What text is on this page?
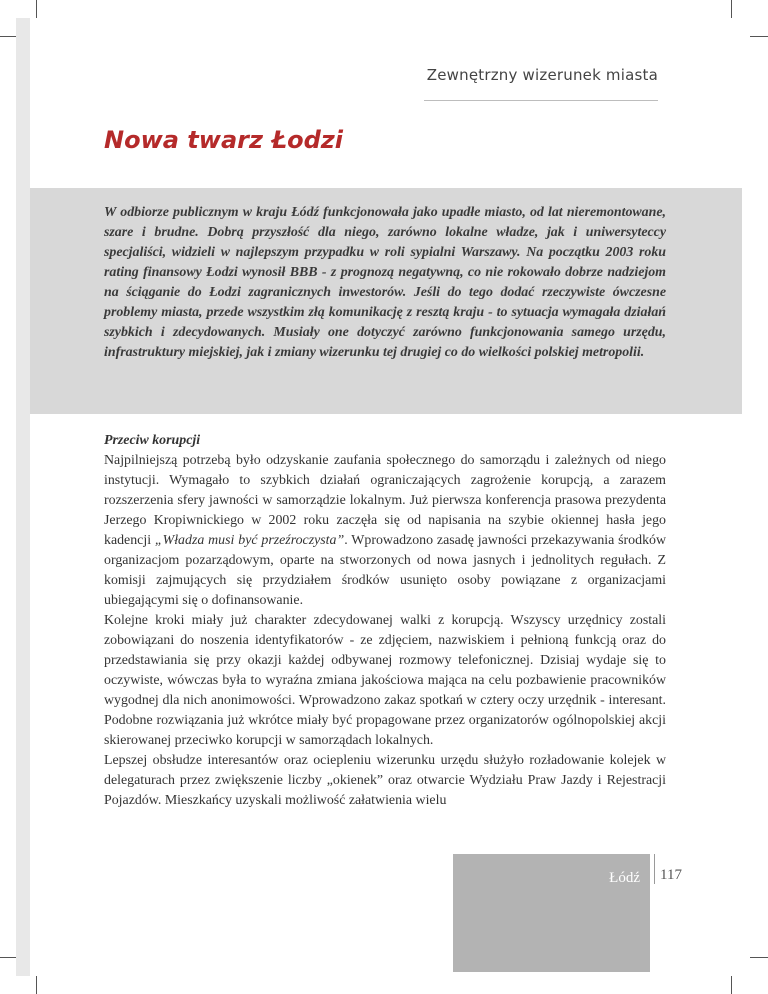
Zewnętrzny wizerunek miasta
Nowa twarz Łodzi

W odbiorze publicznym w kraju Łódź funkcjonowała jako upadłe miasto, od lat nieremontowane, szare i brudne. Dobrą przyszłość dla niego, zarówno lokalne władze, jak i uniwersyteccy specjaliści, widzieli w najlepszym przypadku w roli sypialni Warszawy. Na początku 2003 roku rating finansowy Łodzi wynosił BBB - z prognozą negatywną, co nie rokowało dobrze nadziejom na ściąganie do Łodzi zagranicznych inwestorów. Jeśli do tego dodać rzeczywiste ówczesne problemy miasta, przede wszystkim złą komunikację z resztą kraju - to sytuacja wymagała działań szybkich i zdecydowanych. Musiały one dotyczyć zarówno funkcjonowania samego urzędu, infrastruktury miejskiej, jak i zmiany wizerunku tej drugiej co do wielkości polskiej metropolii.

Przeciw korupcji

Najpilniejszą potrzebą było odzyskanie zaufania społecznego do samorządu i zależnych od niego instytucji. Wymagało to szybkich działań ograniczających zagrożenie korupcją, a zarazem rozszerzenia sfery jawności w samorządzie lokalnym. Już pierwsza konferencja prasowa prezydenta Jerzego Kropiwnickiego w 2002 roku zaczęła się od napisania na szybie okiennej hasła jego kadencji „Władza musi być przeźroczysta”. Wprowadzono zasadę jawności przekazywania środków organizacjom pozarządowym, oparte na stworzonych od nowa jasnych i jednolitych regułach. Z komisji zajmujących się przydziałem środków usunięto osoby powiązane z organizacjami ubiegającymi się o dofinansowanie.

Kolejne kroki miały już charakter zdecydowanej walki z korupcją. Wszyscy urzędnicy zostali zobowiązani do noszenia identyfikatorów - ze zdjęciem, nazwiskiem i pełnioną funkcją oraz do przedstawiania się przy okazji każdej odbywanej rozmowy telefonicznej. Dzisiaj wydaje się to oczywiste, wówczas była to wyraźna zmiana jakościowa mająca na celu pozbawienie pracowników wygodnej dla nich anonimowości. Wprowadzono zakaz spotkań w cztery oczy urzędnik - interesant. Podobne rozwiązania już wkrótce miały być propagowane przez organizatorów ogólnopolskiej akcji skierowanej przeciwko korupcji w samorządach lokalnych.

Lepszej obsłudze interesantów oraz ociepleniu wizerunku urzędu służyło rozładowanie kolejek w delegaturach przez zwiększenie liczby „okienek” oraz otwarcie Wydziału Praw Jazdy i Rejestracji Pojazdów. Mieszkańcy uzyskali możliwość załatwienia wielu

Łódź 117
